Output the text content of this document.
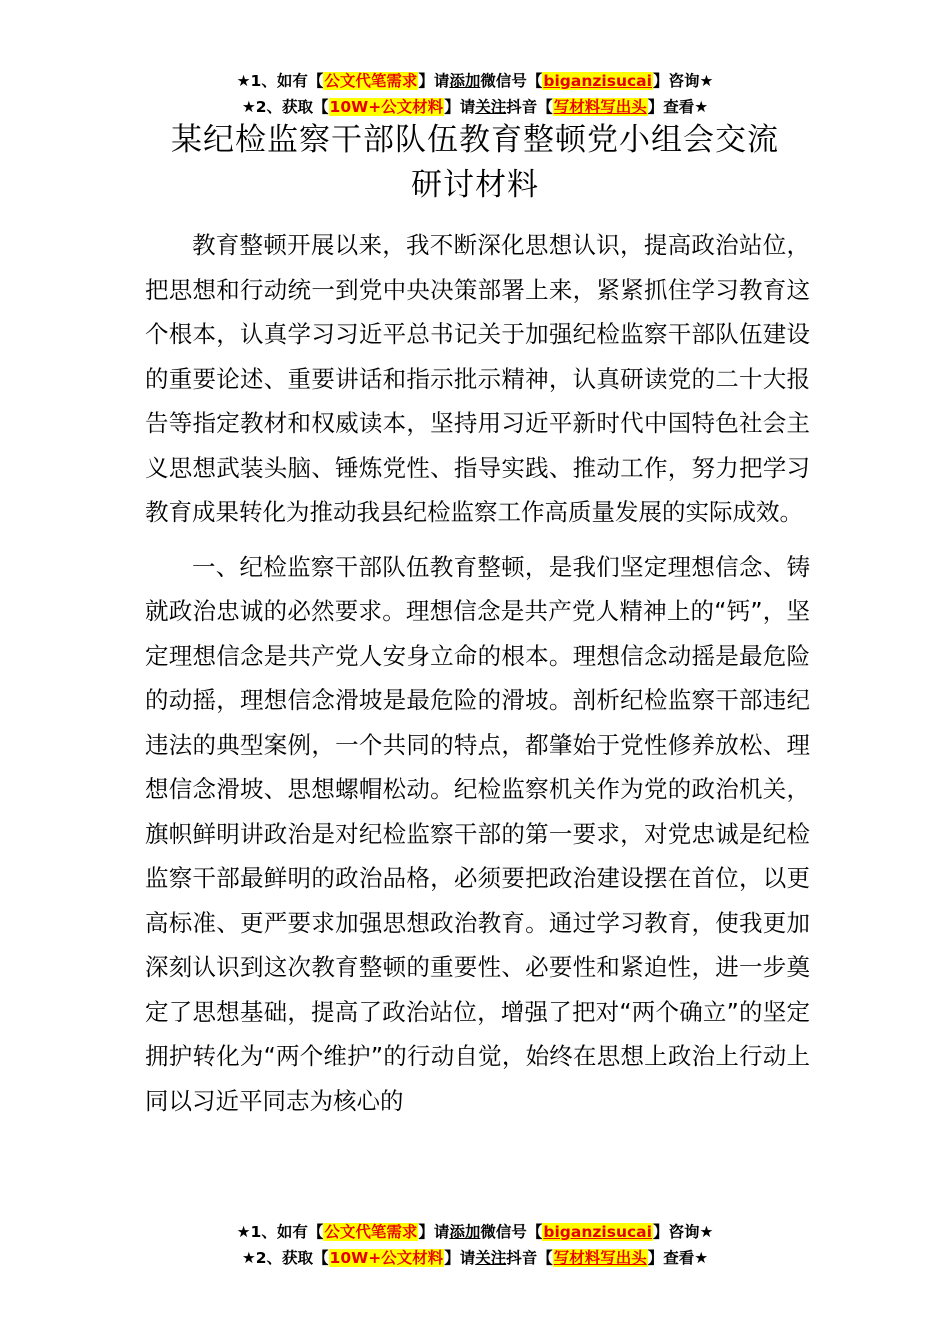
★1、如有【公文代笔需求】请添加微信号【biganzisucai】咨询★
★2、获取【10W+公文材料】请关注抖音【写材料写出头】查看★
某纪检监察干部队伍教育整顿党小组会交流
研讨材料

教育整顿开展以来，我不断深化思想认识，提高政治站位，把思想和行动统一到党中央决策部署上来，紧紧抓住学习教育这个根本，认真学习习近平总书记关于加强纪检监察干部队伍建设的重要论述、重要讲话和指示批示精神，认真研读党的二十大报告等指定教材和权威读本，坚持用习近平新时代中国特色社会主义思想武装头脑、锤炼党性、指导实践、推动工作，努力把学习教育成果转化为推动我县纪检监察工作高质量发展的实际成效。

一、纪检监察干部队伍教育整顿，是我们坚定理想信念、铸就政治忠诚的必然要求。理想信念是共产党人精神上的“钙”，坚定理想信念是共产党人安身立命的根本。理想信念动摇是最危险的动摇，理想信念滑坡是最危险的滑坡。剖析纪检监察干部违纪违法的典型案例，一个共同的特点，都肇始于党性修养放松、理想信念滑坡、思想螺帽松动。纪检监察机关作为党的政治机关，旗帜鲜明讲政治是对纪检监察干部的第一要求，对党忠诚是纪检监察干部最鲜明的政治品格，必须要把政治建设摆在首位，以更高标准、更严要求加强思想政治教育。通过学习教育，使我更加深刻认识到这次教育整顿的重要性、必要性和紧迫性，进一步奠定了思想基础，提高了政治站位，增强了把对“两个确立”的坚定拥护转化为“两个维护”的行动自觉，始终在思想上政治上行动上同以习近平同志为核心的

★1、如有【公文代笔需求】请添加微信号【biganzisucai】咨询★
★2、获取【10W+公文材料】请关注抖音【写材料写出头】查看★
